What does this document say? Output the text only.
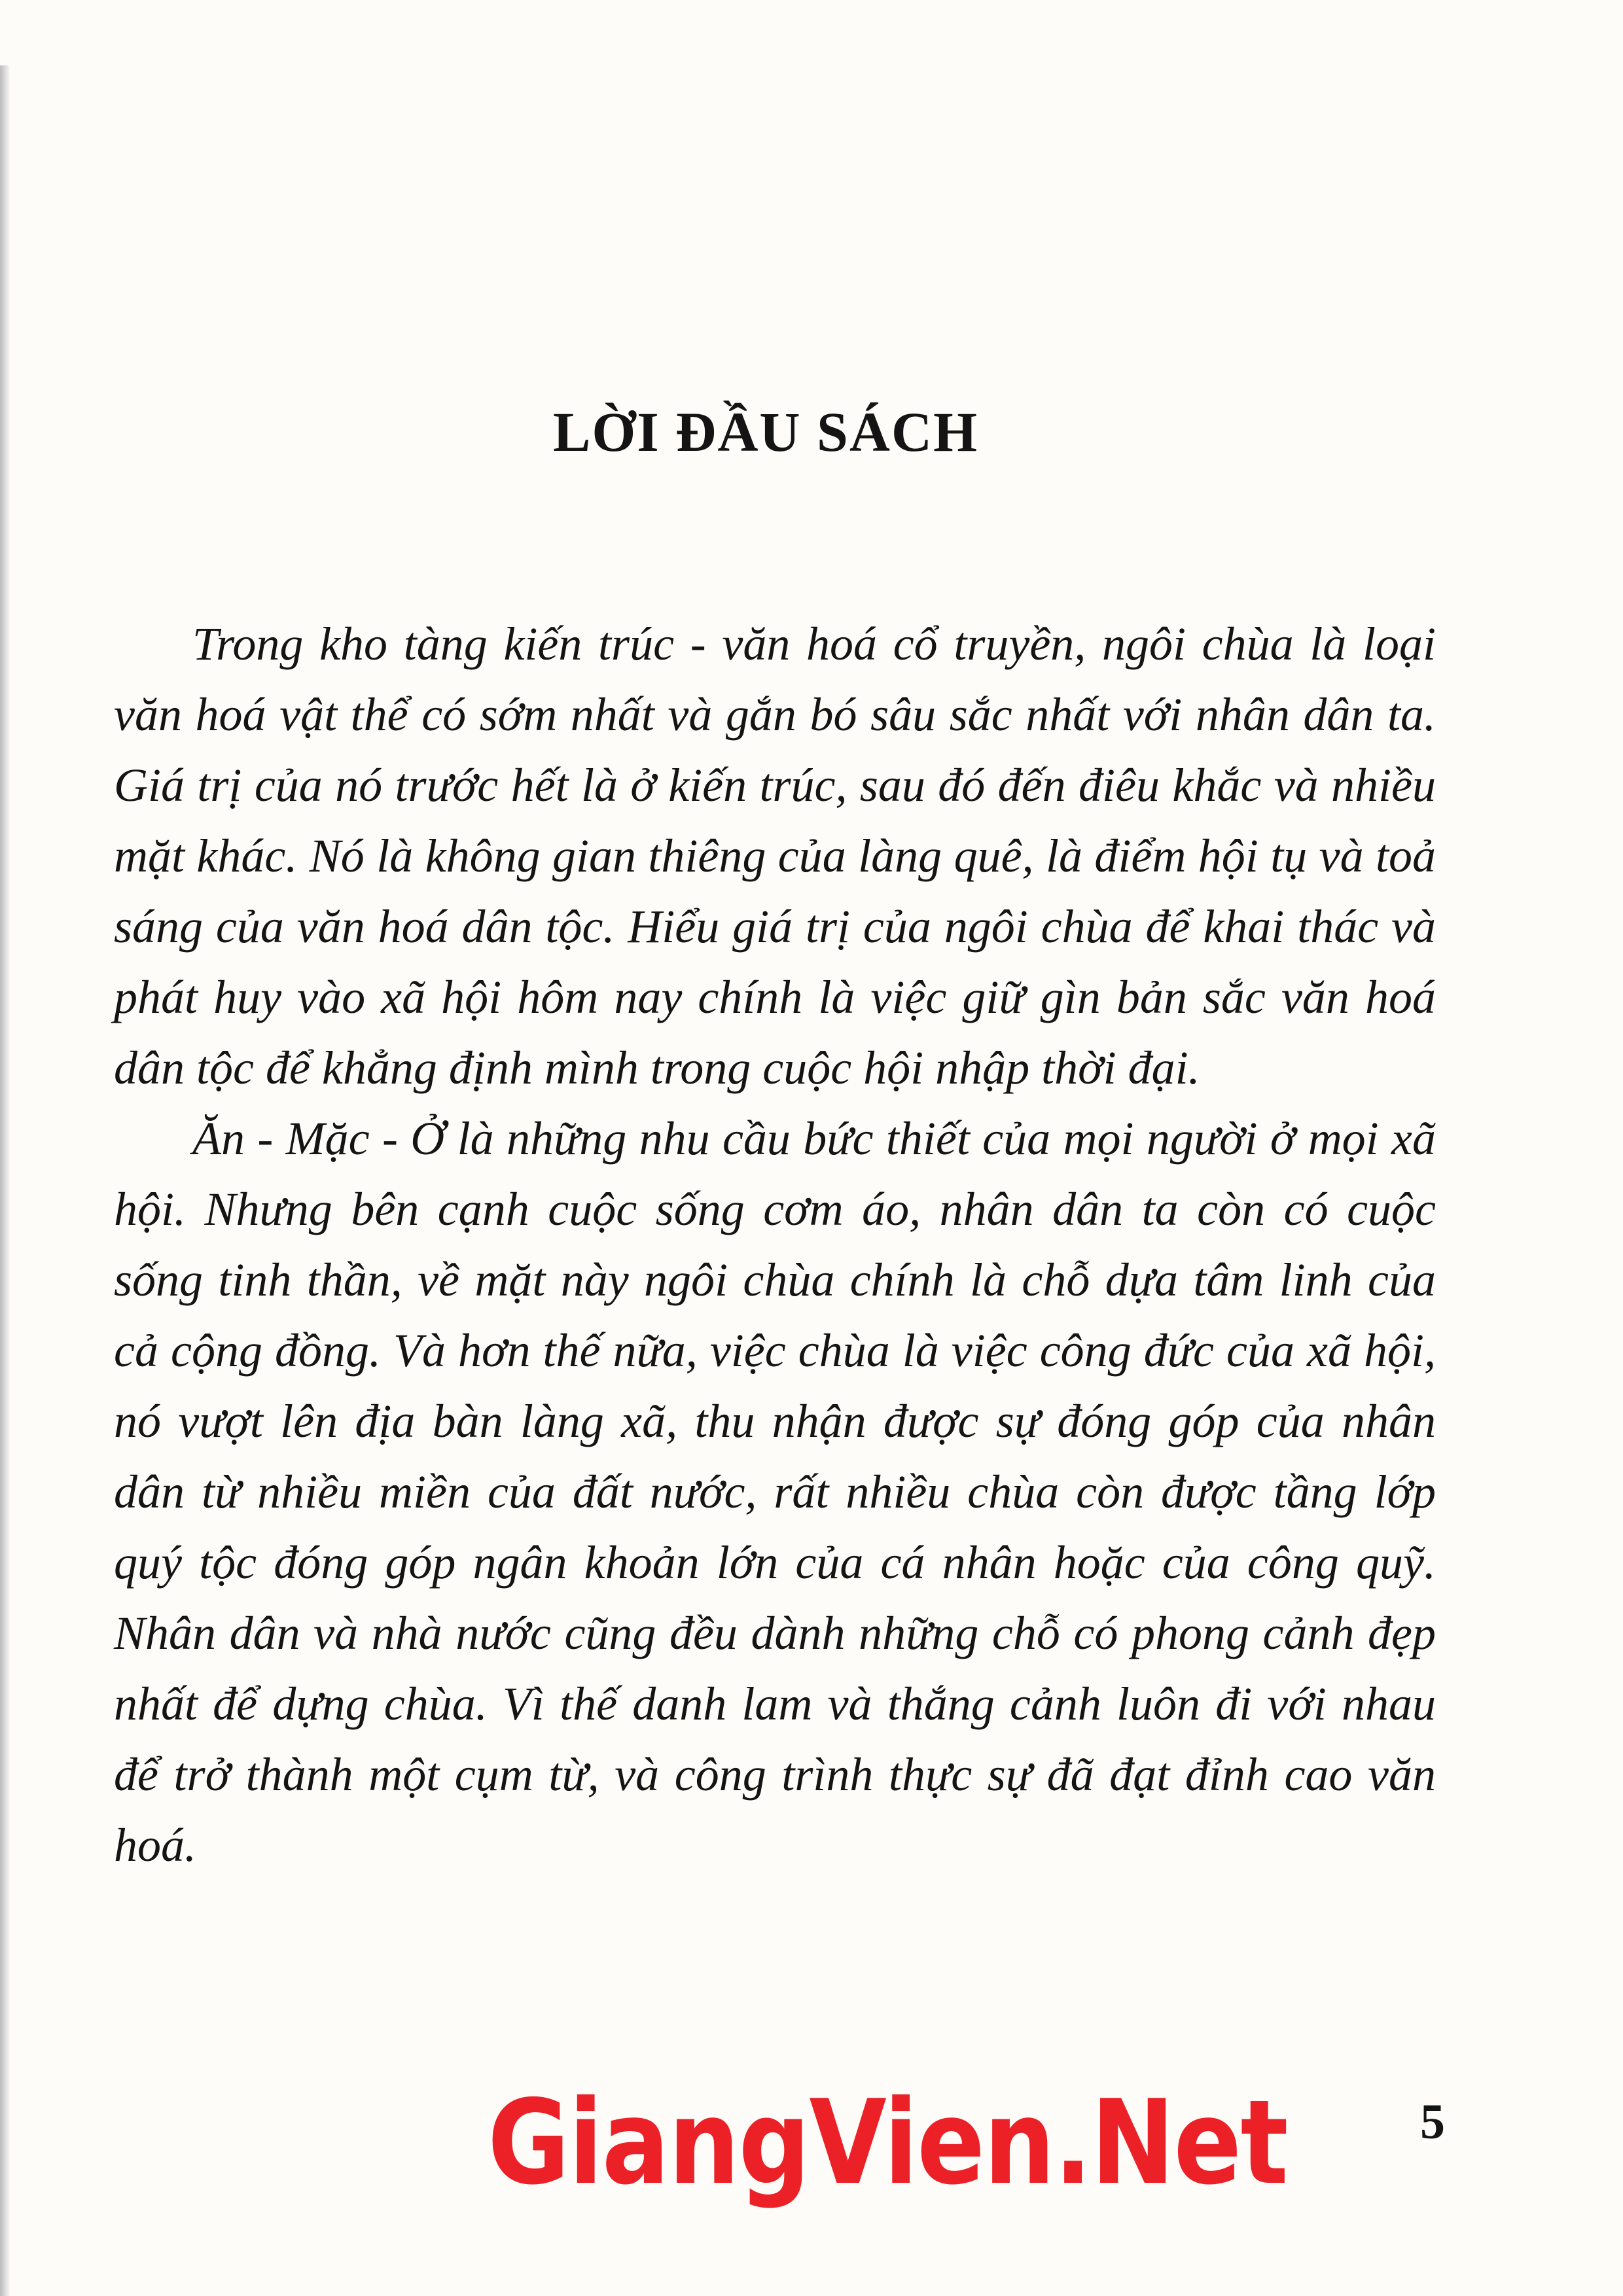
LỜI ĐẦU SÁCH

Trong kho tàng kiến trúc - văn hoá cổ truyền, ngôi chùa là loại văn hoá vật thể có sớm nhất và gắn bó sâu sắc nhất với nhân dân ta. Giá trị của nó trước hết là ở kiến trúc, sau đó đến điêu khắc và nhiều mặt khác. Nó là không gian thiêng của làng quê, là điểm hội tụ và toả sáng của văn hoá dân tộc. Hiểu giá trị của ngôi chùa để khai thác và phát huy vào xã hội hôm nay chính là việc giữ gìn bản sắc văn hoá dân tộc để khẳng định mình trong cuộc hội nhập thời đại.

Ăn - Mặc - Ở là những nhu cầu bức thiết của mọi người ở mọi xã hội. Nhưng bên cạnh cuộc sống cơm áo, nhân dân ta còn có cuộc sống tinh thần, về mặt này ngôi chùa chính là chỗ dựa tâm linh của cả cộng đồng. Và hơn thế nữa, việc chùa là việc công đức của xã hội, nó vượt lên địa bàn làng xã, thu nhận được sự đóng góp của nhân dân từ nhiều miền của đất nước, rất nhiều chùa còn được tầng lớp quý tộc đóng góp ngân khoản lớn của cá nhân hoặc của công quỹ. Nhân dân và nhà nước cũng đều dành những chỗ có phong cảnh đẹp nhất để dựng chùa. Vì thế danh lam và thắng cảnh luôn đi với nhau để trở thành một cụm từ, và công trình thực sự đã đạt đỉnh cao văn hoá.

GiangVien.Net	5
